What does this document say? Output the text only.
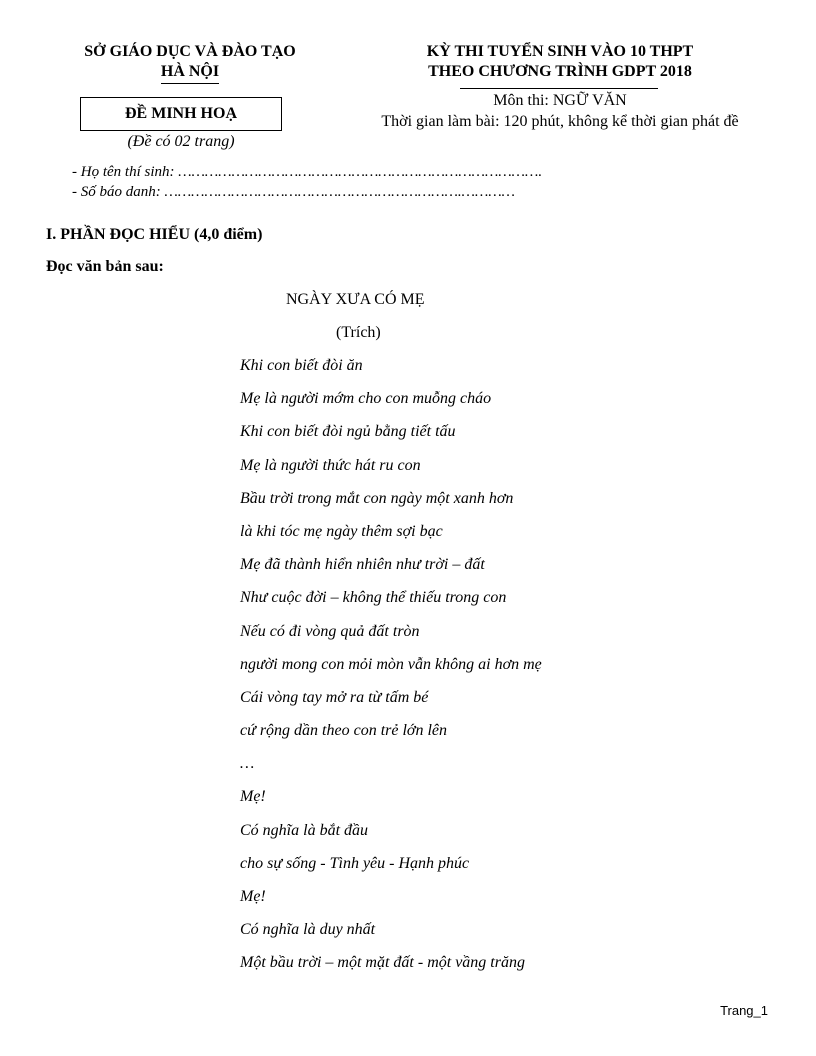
SỞ GIÁO DỤC VÀ ĐÀO TẠO
HÀ NỘI
ĐỀ MINH HOẠ
(Đề có 02 trang)
KỲ THI TUYỂN SINH VÀO 10 THPT
THEO CHƯƠNG TRÌNH GDPT 2018
Môn thi: NGỮ VĂN
Thời gian làm bài: 120 phút, không kể thời gian phát đề
- Họ tên thí sinh: ……………………………………………………………………….
- Số báo danh: ………………………………………………………….…………
I. PHẦN ĐỌC HIỂU (4,0 điểm)
Đọc văn bản sau:
NGÀY XƯA CÓ MẸ
(Trích)
Khi con biết đòi ăn
Mẹ là người mớm cho con muỗng cháo
Khi con biết đòi ngủ bằng tiết tấu
Mẹ là người thức hát ru con
Bầu trời trong mắt con ngày một xanh hơn
là khi tóc mẹ ngày thêm sợi bạc
Mẹ đã thành hiển nhiên như trời – đất
Như cuộc đời – không thể thiếu trong con
Nếu có đi vòng quả đất tròn
người mong con mỏi mòn vẫn không ai hơn mẹ
Cái vòng tay mở ra từ tấm bé
cứ rộng dần theo con trẻ lớn lên
…
Mẹ!
Có nghĩa là bắt đầu
cho sự sống - Tình yêu - Hạnh phúc
Mẹ!
Có nghĩa là duy nhất
Một bầu trời – một mặt đất - một vầng trăng
Trang_1
